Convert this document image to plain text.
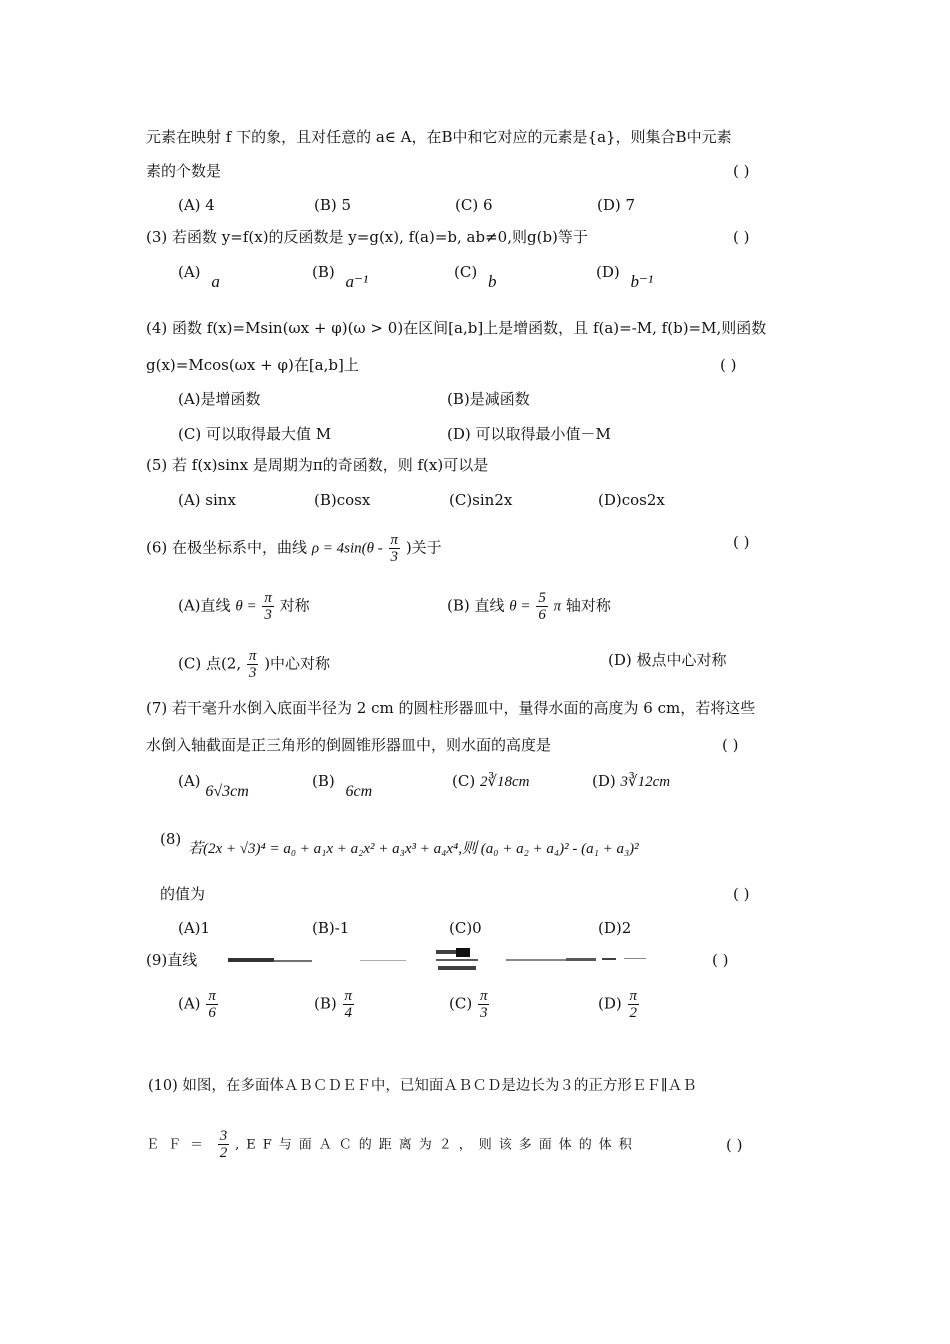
元素在映射 f 下的象，且对任意的 a∈ A，在B中和它对应的元素是{a}，则集合B中元素
素的个数是	( )
(A) 4	(B) 5	(C) 6	(D) 7
(3) 若函数 y=f(x)的反函数是 y=g(x), f(a)=b, ab≠0,则g(b)等于	( )
(A) a	(B) a⁻¹	(C) b	(D) b⁻¹
(4) 函数 f(x)=Msin(ωx + φ)(ω > 0)在区间[a,b]上是增函数，且 f(a)=-M, f(b)=M,则函数
g(x)=Mcos(ωx + φ)在[a,b]上	( )
(A)是增函数	(B)是减函数
(C) 可以取得最大值 M	(D) 可以取得最小值－M
(5) 若 f(x)sinx 是周期为π的奇函数，则 f(x)可以是
(A) sinx	(B)cosx	(C)sin2x	(D)cos2x
(6) 在极坐标系中，曲线 $\rho = 4\sin(\theta - \frac{\pi}{3}$ )关于	( )
(A)直线 $\theta = \frac{\pi}{3}$ 对称	(B) 直线 $\theta = \frac{5}{6}$ π 轴对称
(C) 点(2, $\frac{\pi}{3}$ )中心对称	(D) 极点中心对称
(7) 若干毫升水倒入底面半径为 2 cm 的圆柱形器皿中，量得水面的高度为 6 cm，若将这些
水倒入轴截面是正三角形的倒圆锥形器皿中，则水面的高度是	( )
(A) 6√3cm
(B) 6cm
(C) 2∛18cm	(D) 3∛12cm
(8)
若(2x + √3)⁴ = a₀ + a₁x + a₂x² + a₃x³ + a₄x⁴,则 (a₀ + a₂ + a₄)² - (a₁ + a₃)²
的值为	( )
(A)1	(B)-1	(C)0	(D)2
(9)直线	( )
$(A) \frac{\pi}{6}$	$(B) \frac{\pi}{4}$	$(C) \frac{\pi}{3}$	$(D) \frac{\pi}{2}$
(10) 如图，在多面体ＡＢＣＤＥＦ中，已知面ＡＢＣＤ是边长为３的正方形ＥＦ∥ＡＢ
ＥＦ＝ $\frac{3}{2} ,EF$与面ＡＣ的距离为２，则该多面体的体积	( )
